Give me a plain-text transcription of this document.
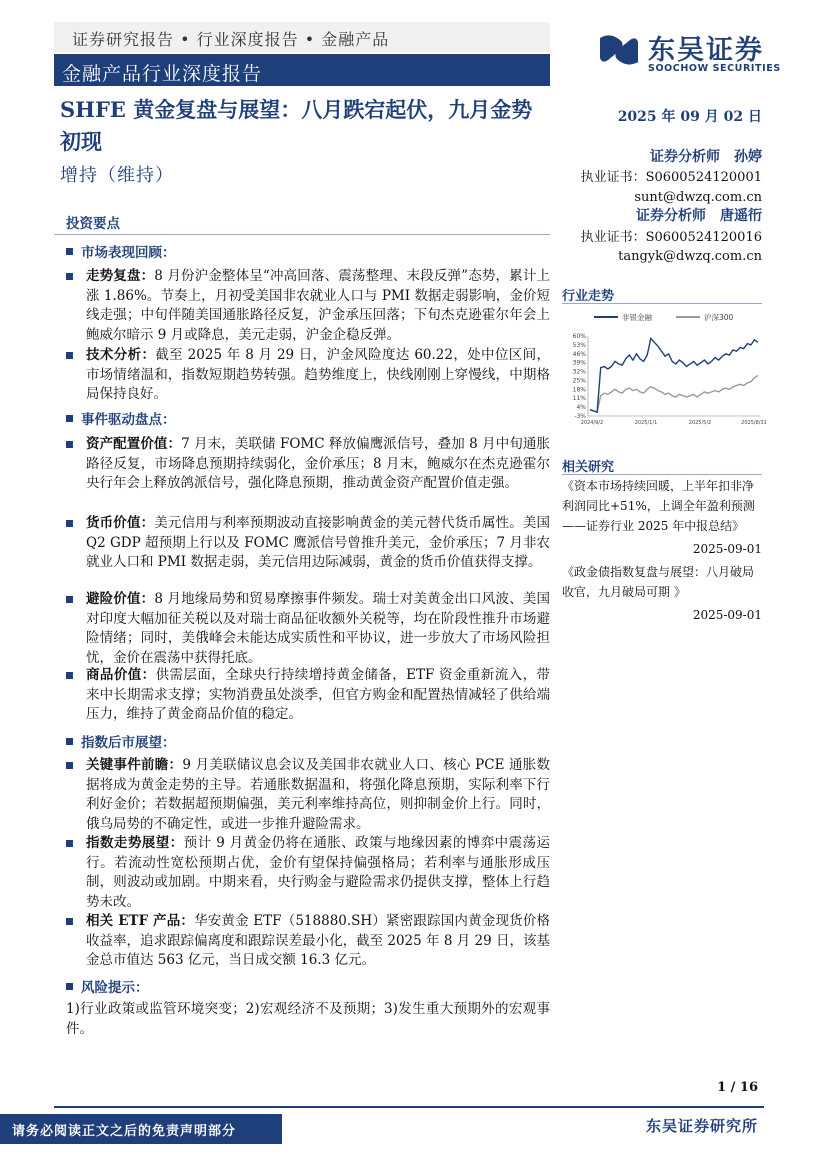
证券研究报告 • 行业深度报告 • 金融产品
金融产品行业深度报告
东吴证券
SOOCHOW SECURITIES
SHFE 黄金复盘与展望：八月跌宕起伏，九月金势初现
增持（维持）
2025 年 09 月 02 日
证券分析师　孙婷
执业证书：S0600524120001
sunt@dwzq.com.cn
证券分析师　唐遥衎
执业证书：S0600524120016
tangyk@dwzq.com.cn
投资要点
市场表现回顾：
走势复盘：8 月份沪金整体呈“冲高回落、震荡整理、末段反弹”态势，累计上涨 1.86%。节奏上，月初受美国非农就业人口与 PMI 数据走弱影响，金价短线走强；中旬伴随美国通胀路径反复，沪金承压回落；下旬杰克逊霍尔年会上鲍威尔暗示 9 月或降息，美元走弱，沪金企稳反弹。
技术分析：截至 2025 年 8 月 29 日，沪金风险度达 60.22，处中位区间，市场情绪温和，指数短期趋势转强。趋势维度上，快线刚刚上穿慢线，中期格局保持良好。
事件驱动盘点：
资产配置价值：7 月末，美联储 FOMC 释放偏鹰派信号，叠加 8 月中旬通胀路径反复，市场降息预期持续弱化，金价承压；8 月末，鲍威尔在杰克逊霍尔央行年会上释放鸽派信号，强化降息预期，推动黄金资产配置价值走强。
货币价值：美元信用与利率预期波动直接影响黄金的美元替代货币属性。美国 Q2 GDP 超预期上行以及 FOMC 鹰派信号曾推升美元，金价承压；7 月非农就业人口和 PMI 数据走弱，美元信用边际减弱，黄金的货币价值获得支撑。
避险价值：8 月地缘局势和贸易摩擦事件频发。瑞士对美黄金出口风波、美国对印度大幅加征关税以及对瑞士商品征收额外关税等，均在阶段性推升市场避险情绪；同时，美俄峰会未能达成实质性和平协议，进一步放大了市场风险担忧，金价在震荡中获得托底。
商品价值：供需层面，全球央行持续增持黄金储备，ETF 资金重新流入，带来中长期需求支撑；实物消费虽处淡季，但官方购金和配置热情减轻了供给端压力，维持了黄金商品价值的稳定。
指数后市展望：
关键事件前瞻：9 月美联储议息会议及美国非农就业人口、核心 PCE 通胀数据将成为黄金走势的主导。若通胀数据温和，将强化降息预期，实际利率下行利好金价；若数据超预期偏强，美元利率维持高位，则抑制金价上行。同时，俄乌局势的不确定性，或进一步推升避险需求。
指数走势展望：预计 9 月黄金仍将在通胀、政策与地缘因素的博弈中震荡运行。若流动性宽松预期占优，金价有望保持偏强格局；若利率与通胀形成压制，则波动或加剧。中期来看，央行购金与避险需求仍提供支撑，整体上行趋势未改。
相关 ETF 产品：华安黄金 ETF（518880.SH）紧密跟踪国内黄金现货价格收益率，追求跟踪偏离度和跟踪误差最小化，截至 2025 年 8 月 29 日，该基金总市值达 563 亿元，当日成交额 16.3 亿元。
风险提示：
1)行业政策或监管环境突变；2)宏观经济不及预期；3)发生重大预期外的宏观事件。
行业走势
非银金融	沪深300
60%
53%
46%
39%
32%
25%
18%
11%
4%
-3%
2024/9/2	2025/1/1	2025/5/2	2025/8/31
相关研究
《资本市场持续回暖，上半年扣非净利润同比+51%，上调全年盈利预测——证券行业 2025 年中报总结》
2025-09-01
《政金债指数复盘与展望：八月破局收官，九月破局可期 》
2025-09-01
1 / 16
请务必阅读正文之后的免责声明部分	东吴证券研究所
